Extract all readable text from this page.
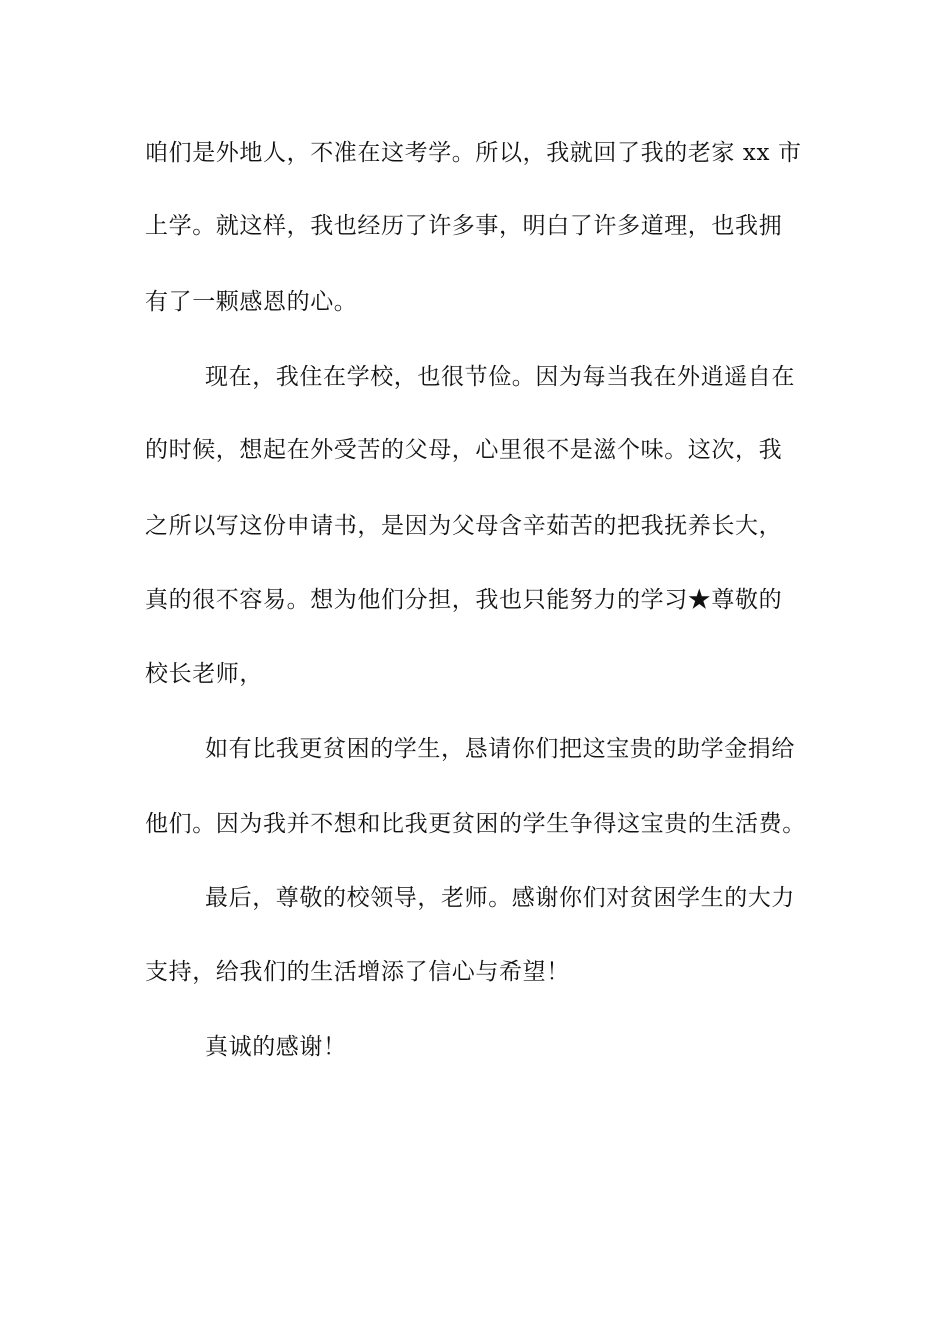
咱们是外地人，不准在这考学。所以，我就回了我的老家 xx 市
上学。就这样，我也经历了许多事，明白了许多道理，也我拥
有了一颗感恩的心。
现在，我住在学校，也很节俭。因为每当我在外逍遥自在
的时候，想起在外受苦的父母，心里很不是滋个味。这次，我
之所以写这份申请书，是因为父母含辛茹苦的把我抚养长大，
真的很不容易。想为他们分担，我也只能努力的学习★尊敬的
校长老师，
如有比我更贫困的学生，恳请你们把这宝贵的助学金捐给
他们。因为我并不想和比我更贫困的学生争得这宝贵的生活费。
最后，尊敬的校领导，老师。感谢你们对贫困学生的大力
支持，给我们的生活增添了信心与希望！
真诚的感谢！
